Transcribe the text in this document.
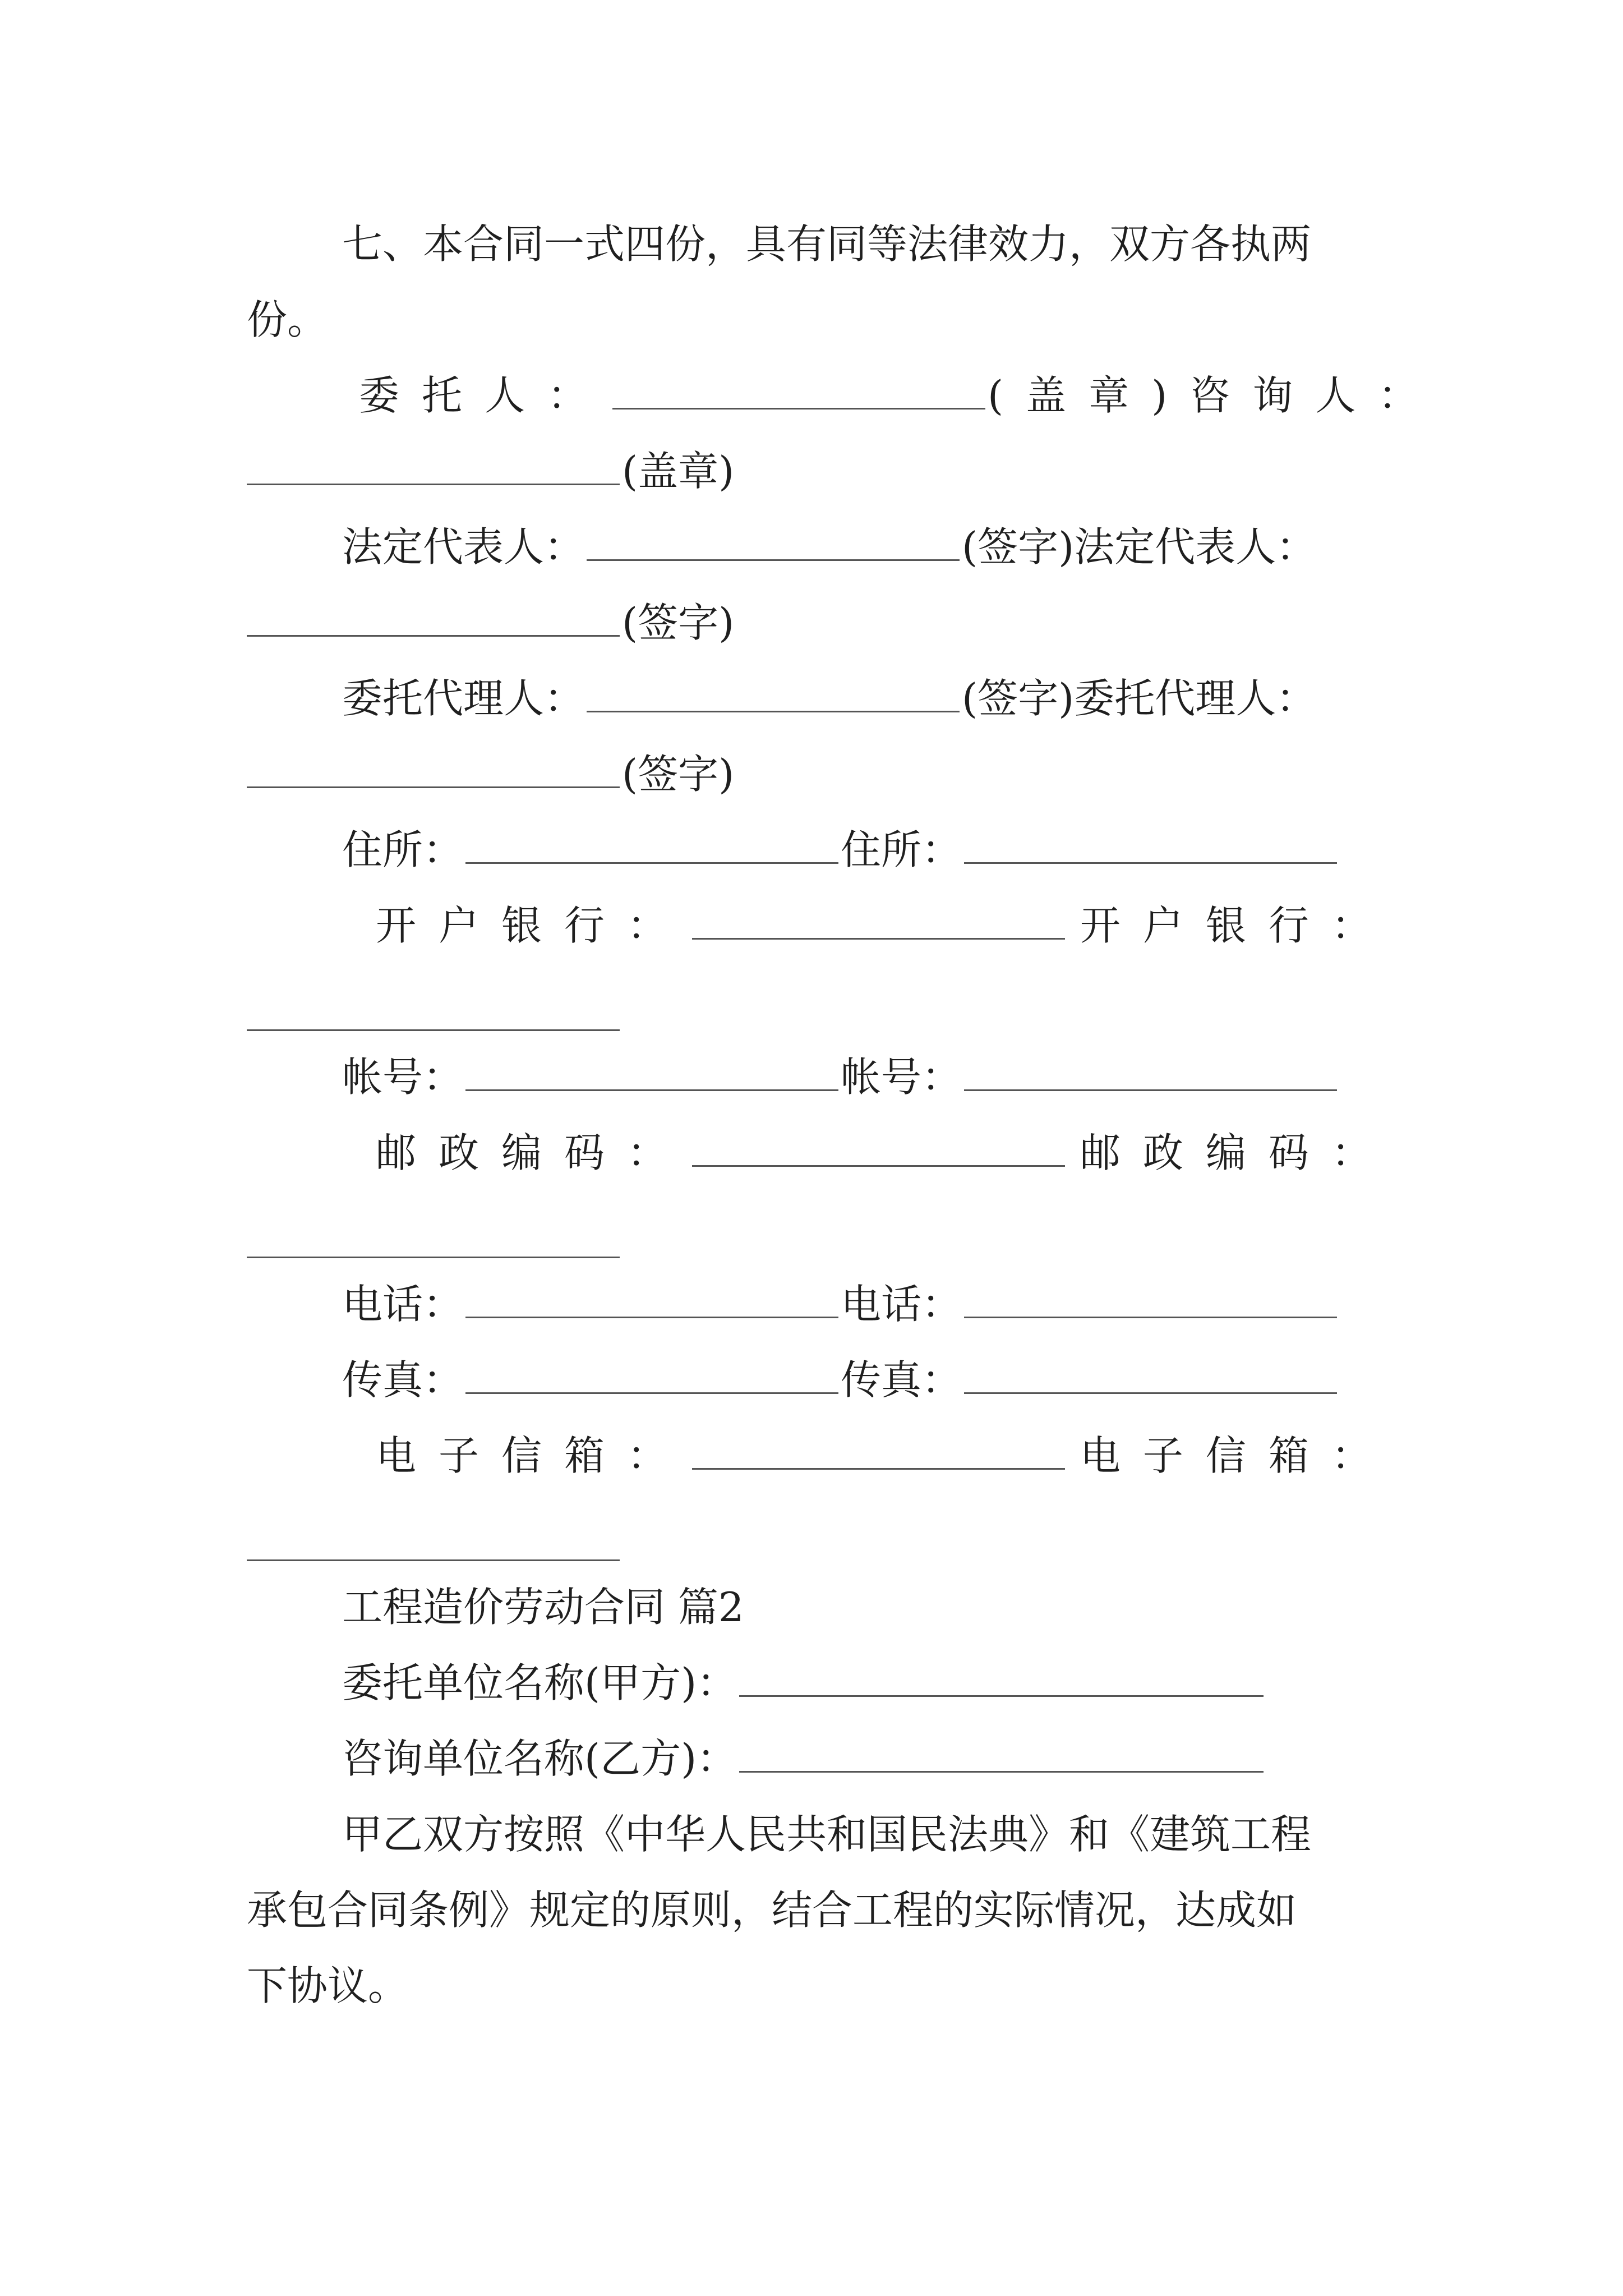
七、本合同一式四份，具有同等法律效力，双方各执两
份。
委托人：	(盖章)咨询人：
(盖章)
法定代表人：	(签字)法定代表人：
(签字)
委托代理人：	(签字)委托代理人：
(签字)
住所：	住所：
开户银行：	开户银行：
帐号：	帐号：
邮政编码：	邮政编码：
电话：	电话：
传真：	传真：
电子信箱：	电子信箱：
工程造价劳动合同 篇2
委托单位名称(甲方)：
咨询单位名称(乙方)：
甲乙双方按照《中华人民共和国民法典》和《建筑工程
承包合同条例》规定的原则，结合工程的实际情况，达成如
下协议。
